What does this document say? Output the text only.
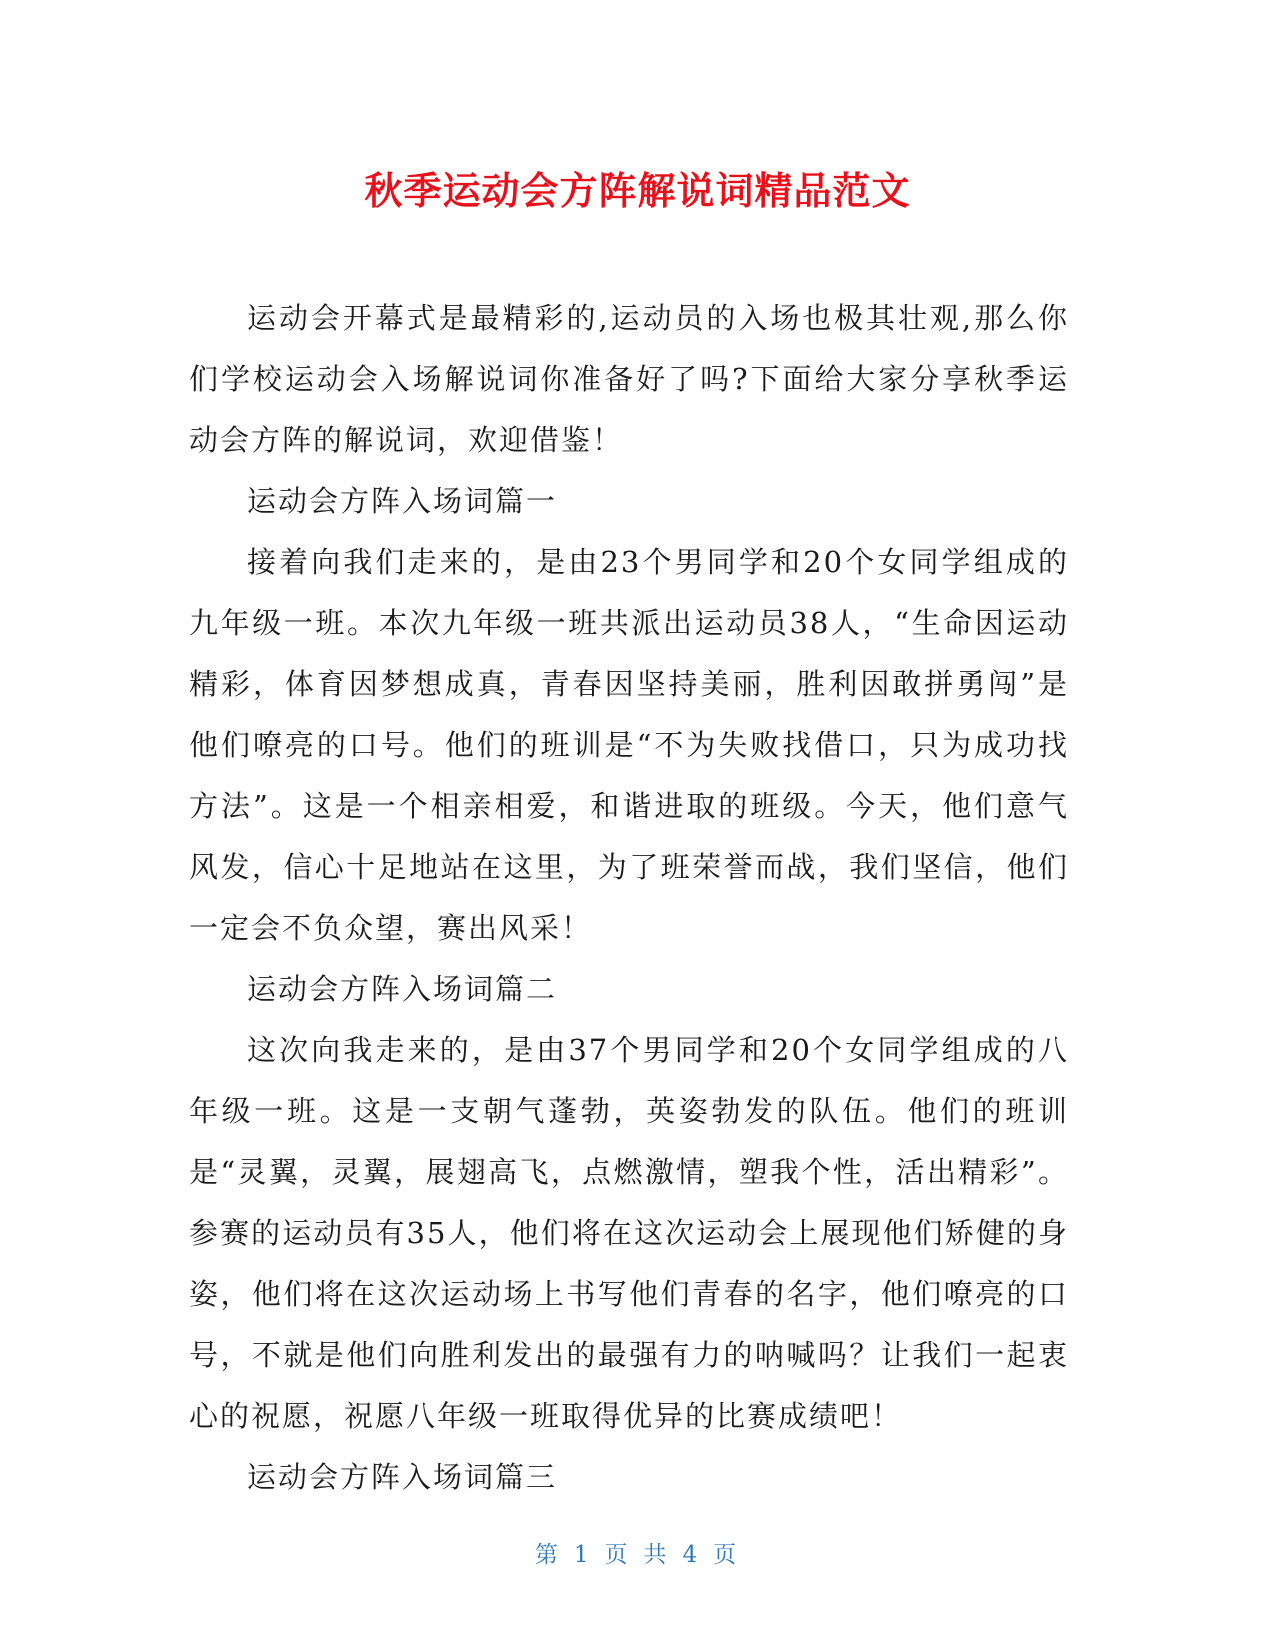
秋季运动会方阵解说词精品范文

运动会开幕式是最精彩的,运动员的入场也极其壮观,那么你们学校运动会入场解说词你准备好了吗?下面给大家分享秋季运动会方阵的解说词，欢迎借鉴！

运动会方阵入场词篇一

接着向我们走来的，是由23个男同学和20个女同学组成的九年级一班。本次九年级一班共派出运动员38人，“生命因运动精彩，体育因梦想成真，青春因坚持美丽，胜利因敢拼勇闯”是他们嘹亮的口号。他们的班训是“不为失败找借口，只为成功找方法”。这是一个相亲相爱，和谐进取的班级。今天，他们意气风发，信心十足地站在这里，为了班荣誉而战，我们坚信，他们一定会不负众望，赛出风采！

运动会方阵入场词篇二

这次向我走来的，是由37个男同学和20个女同学组成的八年级一班。这是一支朝气蓬勃，英姿勃发的队伍。他们的班训是“灵翼，灵翼，展翅高飞，点燃激情，塑我个性，活出精彩”。参赛的运动员有35人，他们将在这次运动会上展现他们矫健的身姿，他们将在这次运动场上书写他们青春的名字，他们嘹亮的口号，不就是他们向胜利发出的最强有力的呐喊吗？让我们一起衷心的祝愿，祝愿八年级一班取得优异的比赛成绩吧！

运动会方阵入场词篇三

第 1 页 共 4 页
